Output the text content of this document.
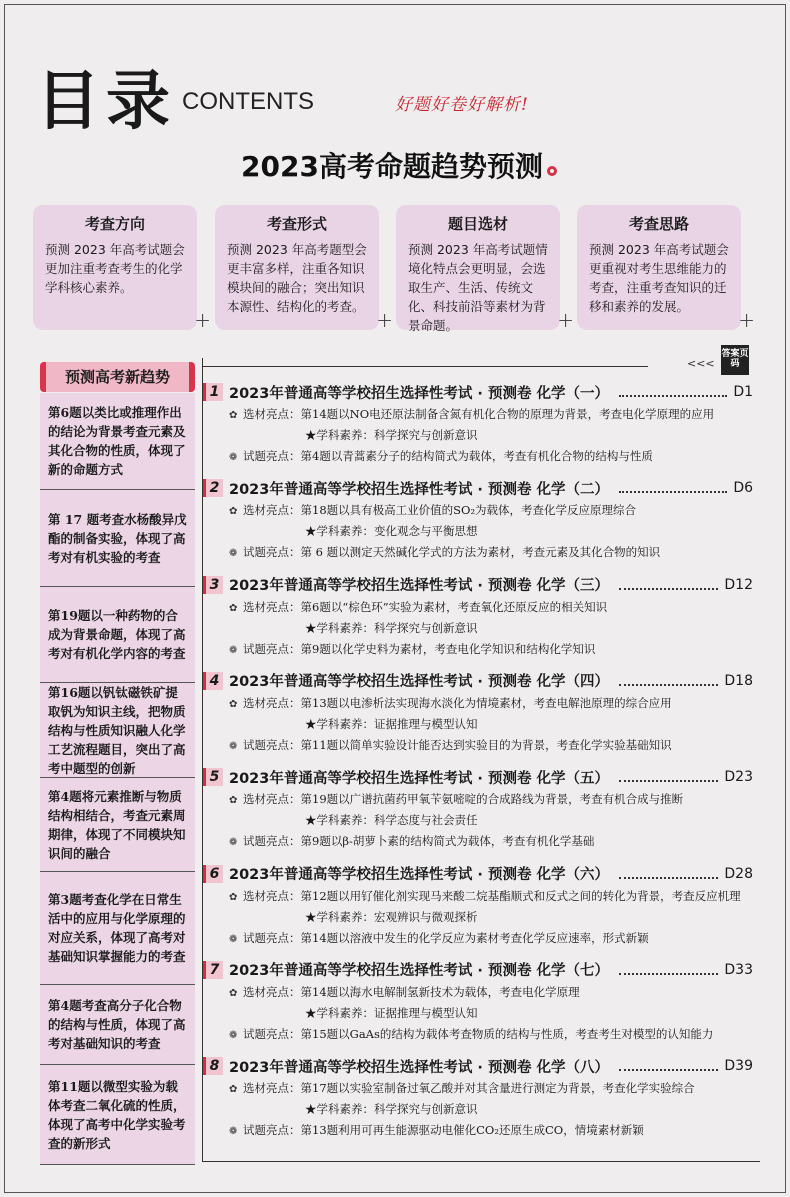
目录 CONTENTS	好题好卷好解析!
2023高考命题趋势预测
考查方向

预测 2023 年高考试题会更加注重考查考生的化学学科核心素养。

+
考查形式

预测 2023 年高考题型会更丰富多样，注重各知识模块间的融合；突出知识本源性、结构化的考查。

+
题目选材

预测 2023 年高考试题情境化特点会更明显，会选取生产、生活、传统文化、科技前沿等素材为背景命题。	+
考查思路

预测 2023 年高考试题会更重视对考生思维能力的考查，注重考查知识的迁移和素养的发展。

+
预测高考新趋势
第6题以类比或推理作出的结论为背景考查元素及其化合物的性质，体现了新的命题方式
第 17 题考查水杨酸异戊酯的制备实验，体现了高考对有机实验的考查
第19题以一种药物的合成为背景命题，体现了高考对有机化学内容的考查
第16题以钒钛磁铁矿提取钒为知识主线，把物质结构与性质知识融人化学工艺流程题目，突出了高考中题型的创新
第4题将元素推断与物质结构相结合，考查元素周期律，体现了不同模块知识间的融合
第3题考查化学在日常生活中的应用与化学原理的对应关系，体现了高考对基础知识掌握能力的考查
第4题考查高分子化合物的结构与性质，体现了高考对基础知识的考查
第11题以微型实验为载体考查二氧化硫的性质，体现了高考中化学实验考查的新形式
<<<
答案页码
1 2023年普通高等学校招生选择性考试 · 预测卷 化学（一）	D1
✿ 选材亮点：第14题以NO电还原法制备含氮有机化合物的原理为背景，考查电化学原理的应用
★学科素养：科学探究与创新意识
❁ 试题亮点：第4题以青蒿素分子的结构简式为载体，考查有机化合物的结构与性质
2 2023年普通高等学校招生选择性考试 · 预测卷 化学（二）	D6
✿ 选材亮点：第18题以具有极高工业价值的SO₂为载体，考查化学反应原理综合
★学科素养：变化观念与平衡思想
❁ 试题亮点：第 6 题以测定天然碱化学式的方法为素材，考查元素及其化合物的知识
3 2023年普通高等学校招生选择性考试 · 预测卷 化学（三）	D12
✿ 选材亮点：第6题以“棕色环”实验为素材，考查氧化还原反应的相关知识
★学科素养：科学探究与创新意识
❁ 试题亮点：第9题以化学史料为素材，考查电化学知识和结构化学知识
4 2023年普通高等学校招生选择性考试 · 预测卷 化学（四）	D18
✿ 选材亮点：第13题以电渗析法实现海水淡化为情境素材，考查电解池原理的综合应用
★学科素养：证据推理与模型认知
❁ 试题亮点：第11题以简单实验设计能否达到实验目的为背景，考查化学实验基础知识
5 2023年普通高等学校招生选择性考试 · 预测卷 化学（五）	D23
✿ 选材亮点：第19题以广谱抗菌药甲氧苄氨嘧啶的合成路线为背景，考查有机合成与推断
★学科素养：科学态度与社会责任
❁ 试题亮点：第9题以β-胡萝卜素的结构简式为载体，考查有机化学基础
6 2023年普通高等学校招生选择性考试 · 预测卷 化学（六）	D28
✿ 选材亮点：第12题以用钌催化剂实现马来酸二烷基酯顺式和反式之间的转化为背景，考查反应机理
★学科素养：宏观辨识与微观探析
❁ 试题亮点：第14题以溶液中发生的化学反应为素材考查化学反应速率，形式新颖
7 2023年普通高等学校招生选择性考试 · 预测卷 化学（七）	D33
✿ 选材亮点：第14题以海水电解制氢新技术为载体，考查电化学原理
★学科素养：证据推理与模型认知
❁ 试题亮点：第15题以GaAs的结构为载体考查物质的结构与性质，考查考生对模型的认知能力
8 2023年普通高等学校招生选择性考试 · 预测卷 化学（八）	D39
✿ 选材亮点：第17题以实验室制备过氧乙酸并对其含量进行测定为背景，考查化学实验综合
★学科素养：科学探究与创新意识
❁ 试题亮点：第13题利用可再生能源驱动电催化CO₂还原生成CO，情境素材新颖
